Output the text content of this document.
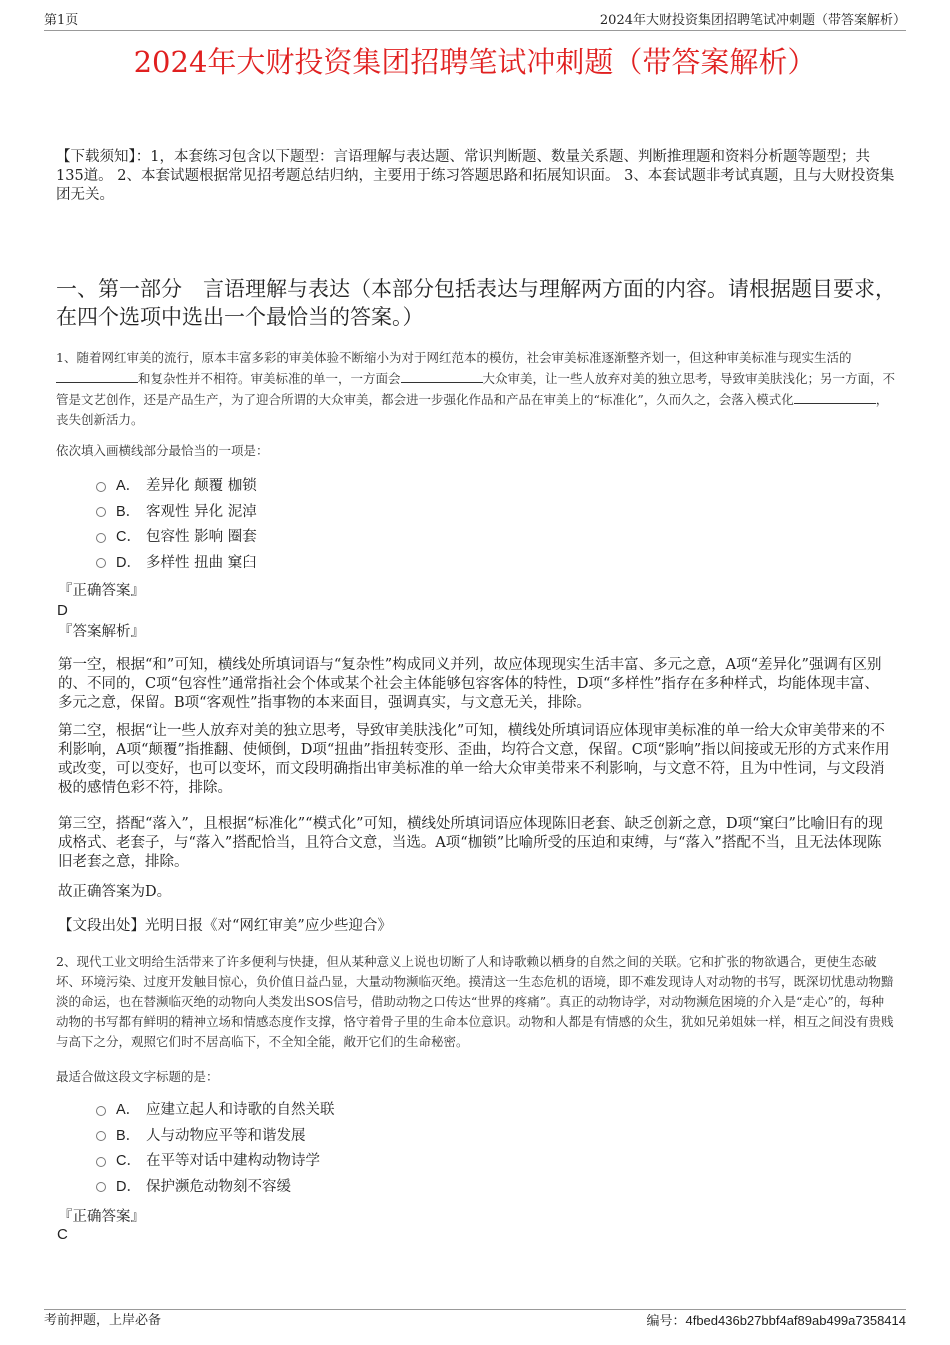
第1页	2024年大财投资集团招聘笔试冲刺题（带答案解析）
2024年大财投资集团招聘笔试冲刺题（带答案解析）

【下载须知】：1，本套练习包含以下题型：言语理解与表达题、常识判断题、数量关系题、判断推理题和资料分析题等题型；共135道。 2、本套试题根据常见招考题总结归纳，主要用于练习答题思路和拓展知识面。 3、本套试题非考试真题，且与大财投资集团无关。

一、第一部分　言语理解与表达（本部分包括表达与理解两方面的内容。请根据题目要求，在四个选项中选出一个最恰当的答案。）

1、随着网红审美的流行，原本丰富多彩的审美体验不断缩小为对于网红范本的模仿，社会审美标准逐渐整齐划一，但这种审美标准与现实生活的和复杂性并不相符。审美标准的单一，一方面会	大众审美，让一些人放弃对美的独立思考，导致审美肤浅化；另一方面，不管是文艺创作，还是产品生产，为了迎合所谓的大众审美，都会进一步强化作品和产品在审美上的“标准化”，久而久之，会落入模式化	，丧失创新活力。

依次填入画横线部分最恰当的一项是：

A． 差异化 颠覆 枷锁
B． 客观性 异化 泥淖
C． 包容性 影响 圈套
D． 多样性 扭曲 窠臼
『正确答案』
D
『答案解析』

第一空，根据“和”可知，横线处所填词语与“复杂性”构成同义并列，故应体现现实生活丰富、多元之意，A项“差异化”强调有区别的、不同的，C项“包容性”通常指社会个体或某个社会主体能够包容客体的特性，D项“多样性”指存在多种样式，均能体现丰富、多元之意，保留。B项“客观性”指事物的本来面目，强调真实，与文意无关，排除。

第二空，根据“让一些人放弃对美的独立思考，导致审美肤浅化”可知，横线处所填词语应体现审美标准的单一给大众审美带来的不利影响，A项“颠覆”指推翻、使倾倒，D项“扭曲”指扭转变形、歪曲，均符合文意，保留。C项“影响”指以间接或无形的方式来作用或改变，可以变好，也可以变坏，而文段明确指出审美标准的单一给大众审美带来不利影响，与文意不符，且为中性词，与文段消极的感情色彩不符，排除。

第三空，搭配“落入”，且根据“标准化”“模式化”可知，横线处所填词语应体现陈旧老套、缺乏创新之意，D项“窠臼”比喻旧有的现成格式、老套子，与“落入”搭配恰当，且符合文意，当选。A项“枷锁”比喻所受的压迫和束缚，与“落入”搭配不当，且无法体现陈旧老套之意，排除。

故正确答案为D。

【文段出处】光明日报《对“网红审美”应少些迎合》

2、现代工业文明给生活带来了许多便利与快捷，但从某种意义上说也切断了人和诗歌赖以栖身的自然之间的关联。它和扩张的物欲遇合，更使生态破坏、环境污染、过度开发触目惊心，负价值日益凸显，大量动物濒临灭绝。摸清这一生态危机的语境，即不难发现诗人对动物的书写，既深切忧患动物黯淡的命运，也在替濒临灭绝的动物向人类发出SOS信号，借助动物之口传达“世界的疼痛”。真正的动物诗学，对动物濒危困境的介入是“走心”的，每种动物的书写都有鲜明的精神立场和情感态度作支撑，恪守着骨子里的生命本位意识。动物和人都是有情感的众生，犹如兄弟姐妹一样，相互之间没有贵贱与高下之分，观照它们时不居高临下，不全知全能，敞开它们的生命秘密。

最适合做这段文字标题的是：

A． 应建立起人和诗歌的自然关联
B． 人与动物应平等和谐发展
C． 在平等对话中建构动物诗学
D． 保护濒危动物刻不容缓
『正确答案』
C
考前押题，上岸必备	编号：4fbed436b27bbf4af89ab499a7358414
